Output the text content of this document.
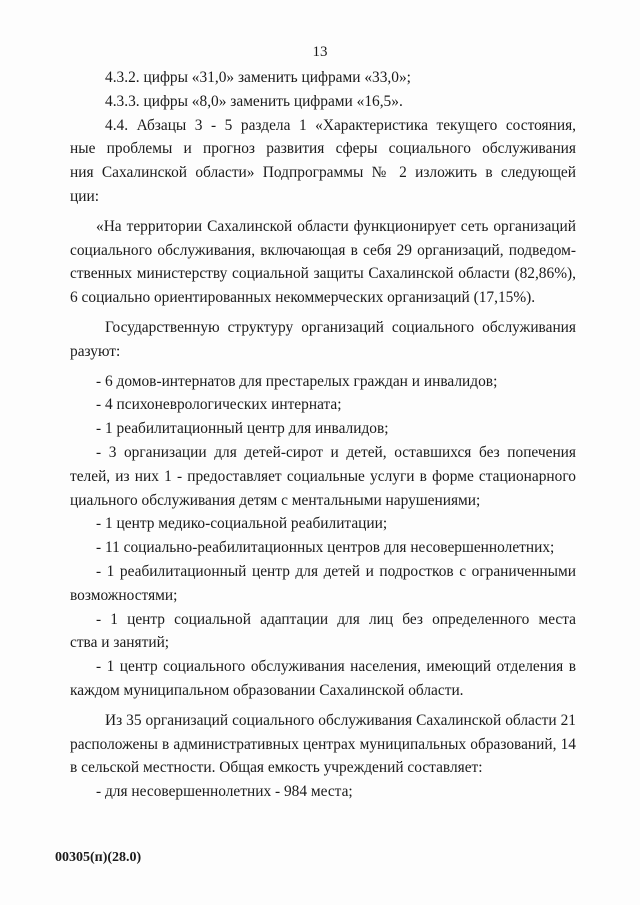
13
4.3.2. цифры «31,0» заменить цифрами «33,0»;
4.3.3. цифры «8,0» заменить цифрами «16,5».
4.4. Абзацы 3 - 5 раздела 1 «Характеристика текущего состояния,
ные проблемы и прогноз развития сферы социального обслуживания
ния Сахалинской области» Подпрограммы № 2 изложить в следующей
ции:
«На территории Сахалинской области функционирует сеть организаций
социального обслуживания, включающая в себя 29 организаций, подведом-
ственных министерству социальной защиты Сахалинской области (82,86%),
6 социально ориентированных некоммерческих организаций (17,15%).
Государственную структуру организаций социального обслуживания
разуют:
- 6 домов-интернатов для престарелых граждан и инвалидов;
- 4 психоневрологических интерната;
- 1 реабилитационный центр для инвалидов;
- 3 организации для детей-сирот и детей, оставшихся без попечения
телей, из них 1 - предоставляет социальные услуги в форме стационарного
циального обслуживания детям с ментальными нарушениями;
- 1 центр медико-социальной реабилитации;
- 11 социально-реабилитационных центров для несовершеннолетних;
- 1 реабилитационный центр для детей и подростков с ограниченными
возможностями;
- 1 центр социальной адаптации для лиц без определенного места
ства и занятий;
- 1 центр социального обслуживания населения, имеющий отделения в
каждом муниципальном образовании Сахалинской области.
Из 35 организаций социального обслуживания Сахалинской области 21
расположены в административных центрах муниципальных образований, 14
в сельской местности. Общая емкость учреждений составляет:
- для несовершеннолетних - 984 места;
00305(п)(28.0)
